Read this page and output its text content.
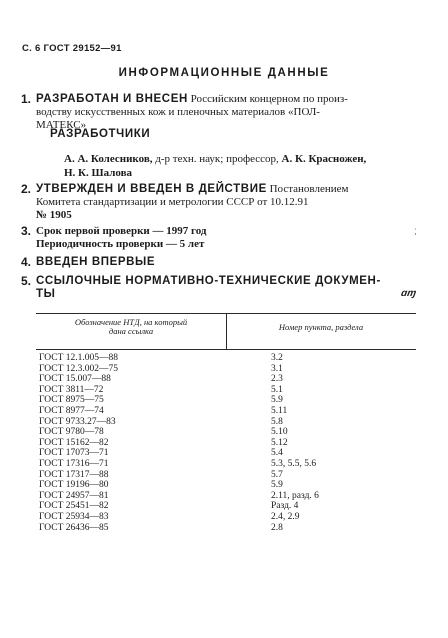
С. 6 ГОСТ 29152—91
ИНФОРМАЦИОННЫЕ ДАННЫЕ
1. РАЗРАБОТАН И ВНЕСЕН Российским концерном по произ-
водству искусственных кож и пленочных материалов «ПОЛ-
МАТЕКС»
РАЗРАБОТЧИКИ
А. А. Колесников, д-р техн. наук; профессор, А. К. Красножен,
Н. К. Шалова
2. УТВЕРЖДЕН И ВВЕДЕН В ДЕЙСТВИЕ Постановлением
Комитета стандартизации и метрологии СССР от 10.12.91
№ 1905
3. Срок первой проверки — 1997 год
Периодичность проверки — 5 лет
4. ВВЕДЕН ВПЕРВЫЕ
5. ССЫЛОЧНЫЕ НОРМАТИВНО-ТЕХНИЧЕСКИЕ ДОКУМЕН-
ТЫ
Обозначение НТД, на который
дана ссылка	Номер пункта, раздела
ГОСТ 12.1.005—88	3.2
ГОСТ 12.3.002—75	3.1
ГОСТ 15.007—88	2.3
ГОСТ 3811—72	5.1
ГОСТ 8975—75	5.9
ГОСТ 8977—74	5.11
ГОСТ 9733.27—83	5.8
ГОСТ 9780—78	5.10
ГОСТ 15162—82	5.12
ГОСТ 17073—71	5.4
ГОСТ 17316—71	5.3, 5.5, 5.6
ГОСТ 17317—88	5.7
ГОСТ 19196—80	5.9
ГОСТ 24957—81	2.11, разд. 6
ГОСТ 25451—82	Разд. 4
ГОСТ 25934—83	2.4, 2.9
ГОСТ 26436—85	2.8
;
ɑɱ
